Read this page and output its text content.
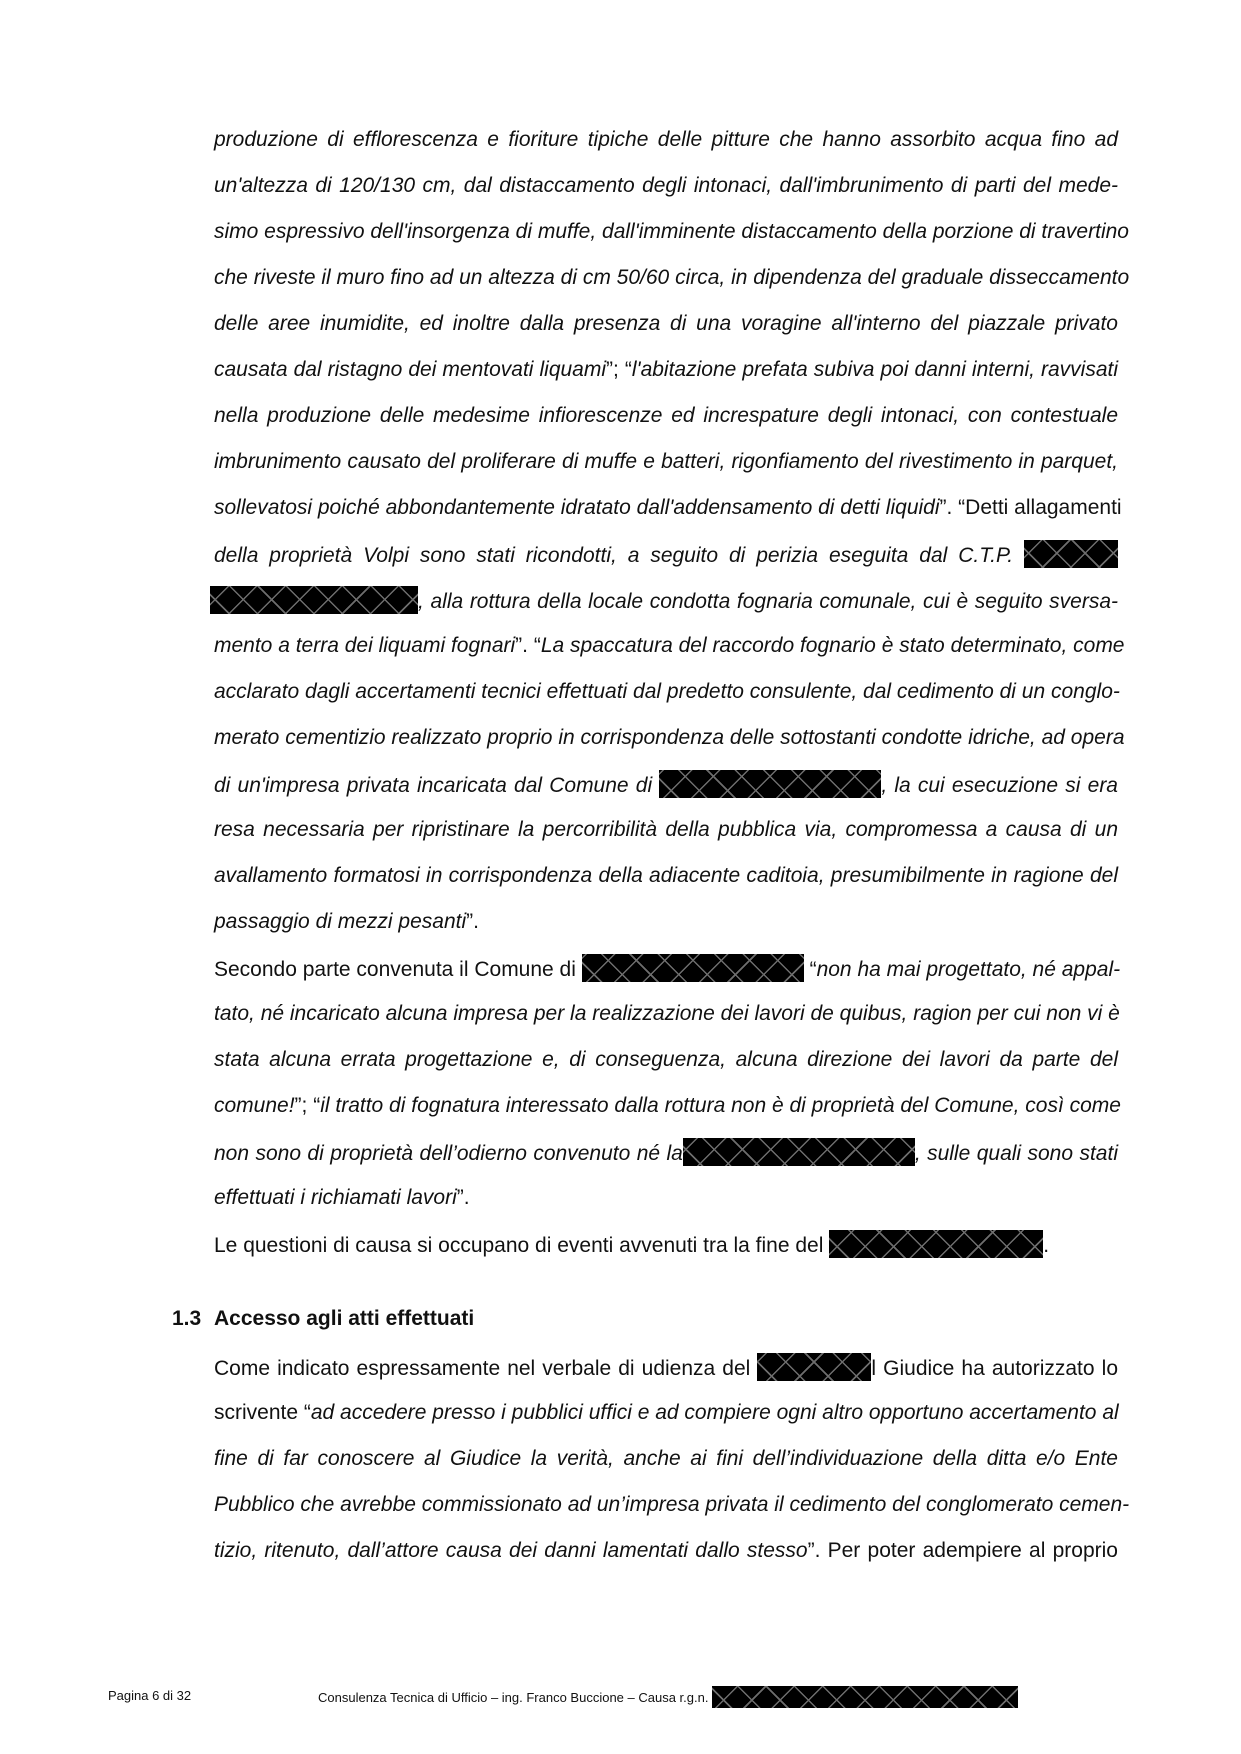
produzione di efflorescenza e fioriture tipiche delle pitture che hanno assorbito acqua fino ad
un'altezza di 120/130 cm, dal distaccamento degli intonaci, dall'imbrunimento di parti del mede-
simo espressivo dell'insorgenza di muffe, dall'imminente distaccamento della porzione di travertino
che riveste il muro fino ad un altezza di cm 50/60 circa, in dipendenza del graduale disseccamento
delle aree inumidite, ed inoltre dalla presenza di una voragine all'interno del piazzale privato
causata dal ristagno dei mentovati liquami”; “l'abitazione prefata subiva poi danni interni, ravvisati
nella produzione delle medesime infiorescenze ed increspature degli intonaci, con contestuale
imbrunimento causato del proliferare di muffe e batteri, rigonfiamento del rivestimento in parquet,
sollevatosi poiché abbondantemente idratato dall'addensamento di detti liquidi”. “Detti allagamenti
della proprietà Volpi sono stati ricondotti, a seguito di perizia eseguita dal C.T.P.
, alla rottura della locale condotta fognaria comunale, cui è seguito sversa-
mento a terra dei liquami fognari”. “La spaccatura del raccordo fognario è stato determinato, come
acclarato dagli accertamenti tecnici effettuati dal predetto consulente, dal cedimento di un conglo-
merato cementizio realizzato proprio in corrispondenza delle sottostanti condotte idriche, ad opera
di un'impresa privata incaricata dal Comune di	, la cui esecuzione si era
resa necessaria per ripristinare la percorribilità della pubblica via, compromessa a causa di un
avallamento formatosi in corrispondenza della adiacente caditoia, presumibilmente in ragione del
passaggio di mezzi pesanti”.
Secondo parte convenuta il Comune di	“non ha mai progettato, né appal-
tato, né incaricato alcuna impresa per la realizzazione dei lavori de quibus, ragion per cui non vi è
stata alcuna errata progettazione e, di conseguenza, alcuna direzione dei lavori da parte del
comune!”; “il tratto di fognatura interessato dalla rottura non è di proprietà del Comune, così come
non sono di proprietà dell’odierno convenuto né la	, sulle quali sono stati
effettuati i richiamati lavori”.
Le questioni di causa si occupano di eventi avvenuti tra la fine del	.
1.3 Accesso agli atti effettuati
Come indicato espressamente nel verbale di udienza del	l Giudice ha autorizzato lo
scrivente “ad accedere presso i pubblici uffici e ad compiere ogni altro opportuno accertamento al
fine di far conoscere al Giudice la verità, anche ai fini dell’individuazione della ditta e/o Ente
Pubblico che avrebbe commissionato ad un’impresa privata il cedimento del conglomerato cemen-
tizio, ritenuto, dall’attore causa dei danni lamentati dallo stesso”. Per poter adempiere al proprio
Pagina 6 di 32	Consulenza Tecnica di Ufficio – ing. Franco Buccione – Causa r.g.n.
